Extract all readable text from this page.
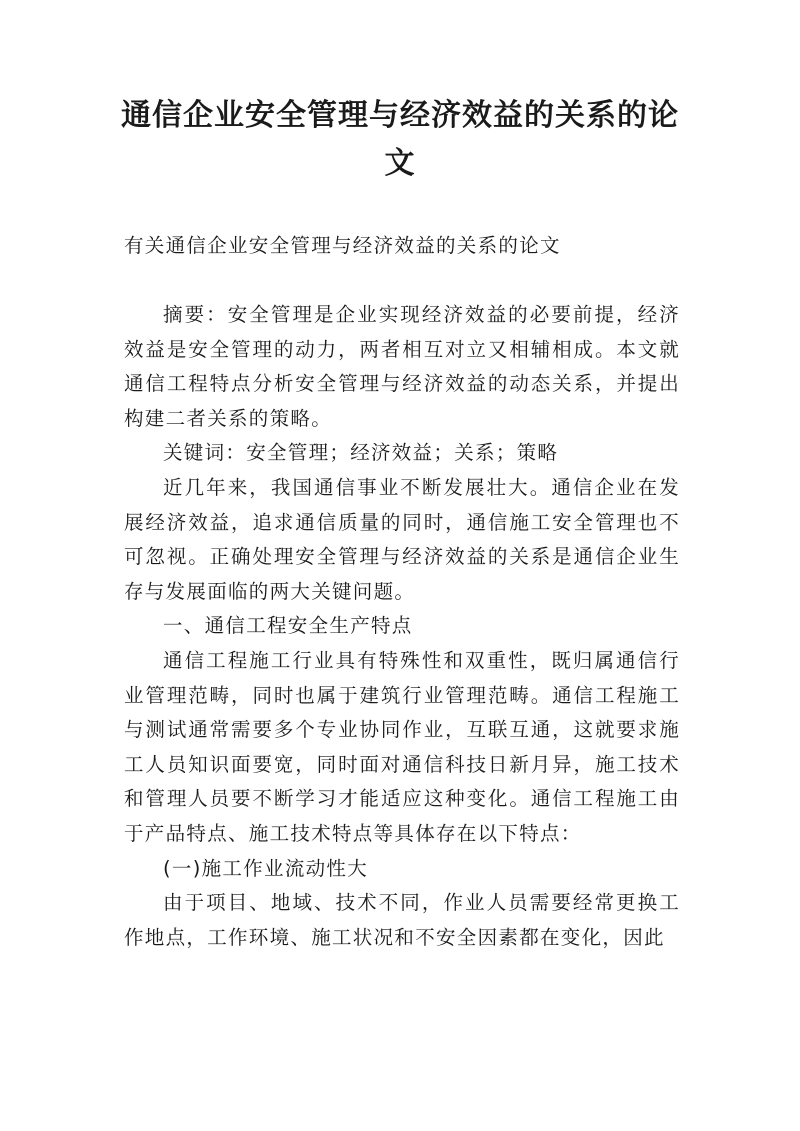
通信企业安全管理与经济效益的关系的论文
有关通信企业安全管理与经济效益的关系的论文

摘要：安全管理是企业实现经济效益的必要前提，经济效益是安全管理的动力，两者相互对立又相辅相成。本文就通信工程特点分析安全管理与经济效益的动态关系，并提出构建二者关系的策略。

关键词：安全管理；经济效益；关系；策略

近几年来，我国通信事业不断发展壮大。通信企业在发展经济效益，追求通信质量的同时，通信施工安全管理也不可忽视。正确处理安全管理与经济效益的关系是通信企业生存与发展面临的两大关键问题。

一、通信工程安全生产特点

通信工程施工行业具有特殊性和双重性，既归属通信行业管理范畴，同时也属于建筑行业管理范畴。通信工程施工与测试通常需要多个专业协同作业，互联互通，这就要求施工人员知识面要宽，同时面对通信科技日新月异，施工技术和管理人员要不断学习才能适应这种变化。通信工程施工由于产品特点、施工技术特点等具体存在以下特点：

(一)施工作业流动性大

由于项目、地域、技术不同，作业人员需要经常更换工作地点，工作环境、施工状况和不安全因素都在变化，因此
